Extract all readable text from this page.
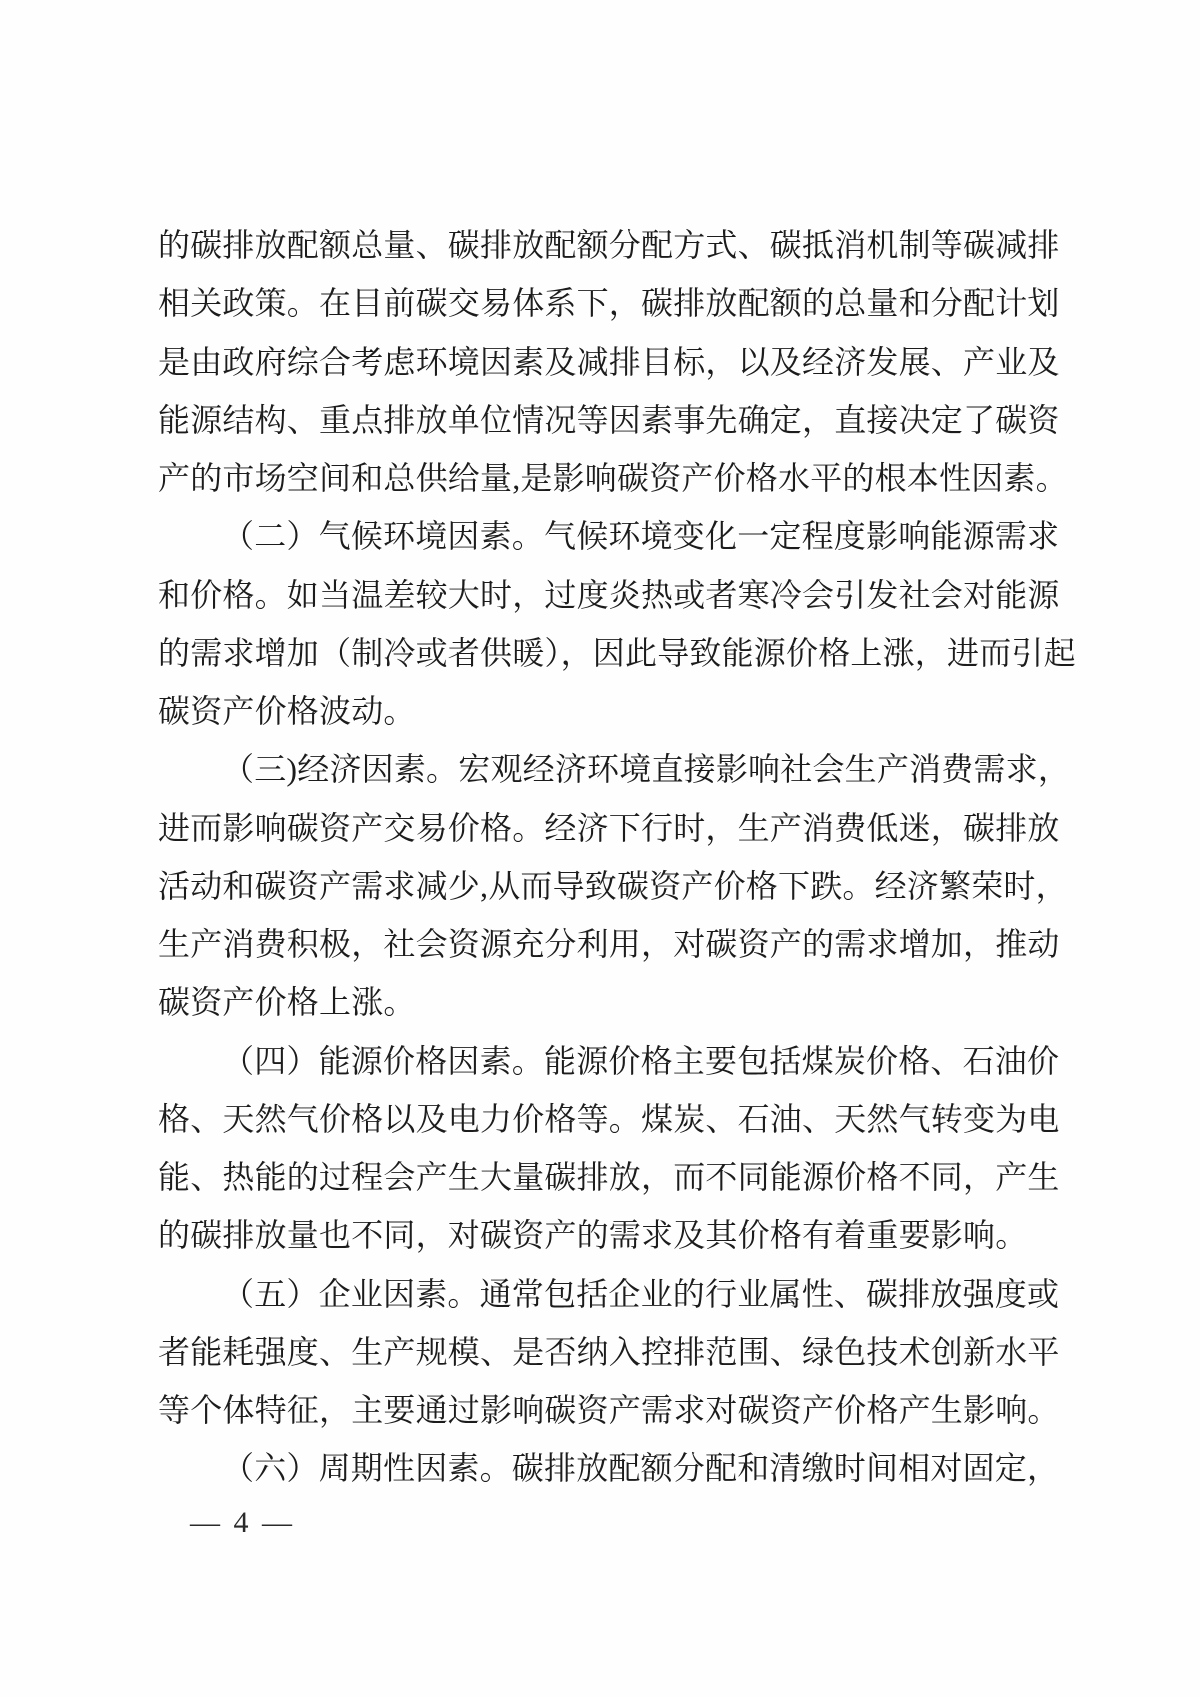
的碳排放配额总量、碳排放配额分配方式、碳抵消机制等碳减排
相关政策。在目前碳交易体系下，碳排放配额的总量和分配计划
是由政府综合考虑环境因素及减排目标，以及经济发展、产业及
能源结构、重点排放单位情况等因素事先确定，直接决定了碳资
产的市场空间和总供给量,是影响碳资产价格水平的根本性因素。
（二）气候环境因素。气候环境变化一定程度影响能源需求
和价格。如当温差较大时，过度炎热或者寒冷会引发社会对能源
的需求增加（制冷或者供暖），因此导致能源价格上涨，进而引起
碳资产价格波动。
（三)经济因素。宏观经济环境直接影响社会生产消费需求，
进而影响碳资产交易价格。经济下行时，生产消费低迷，碳排放
活动和碳资产需求减少,从而导致碳资产价格下跌。经济繁荣时，
生产消费积极，社会资源充分利用，对碳资产的需求增加，推动
碳资产价格上涨。
（四）能源价格因素。能源价格主要包括煤炭价格、石油价
格、天然气价格以及电力价格等。煤炭、石油、天然气转变为电
能、热能的过程会产生大量碳排放，而不同能源价格不同，产生
的碳排放量也不同，对碳资产的需求及其价格有着重要影响。
（五）企业因素。通常包括企业的行业属性、碳排放强度或
者能耗强度、生产规模、是否纳入控排范围、绿色技术创新水平
等个体特征，主要通过影响碳资产需求对碳资产价格产生影响。
（六）周期性因素。碳排放配额分配和清缴时间相对固定，
— 4 —
